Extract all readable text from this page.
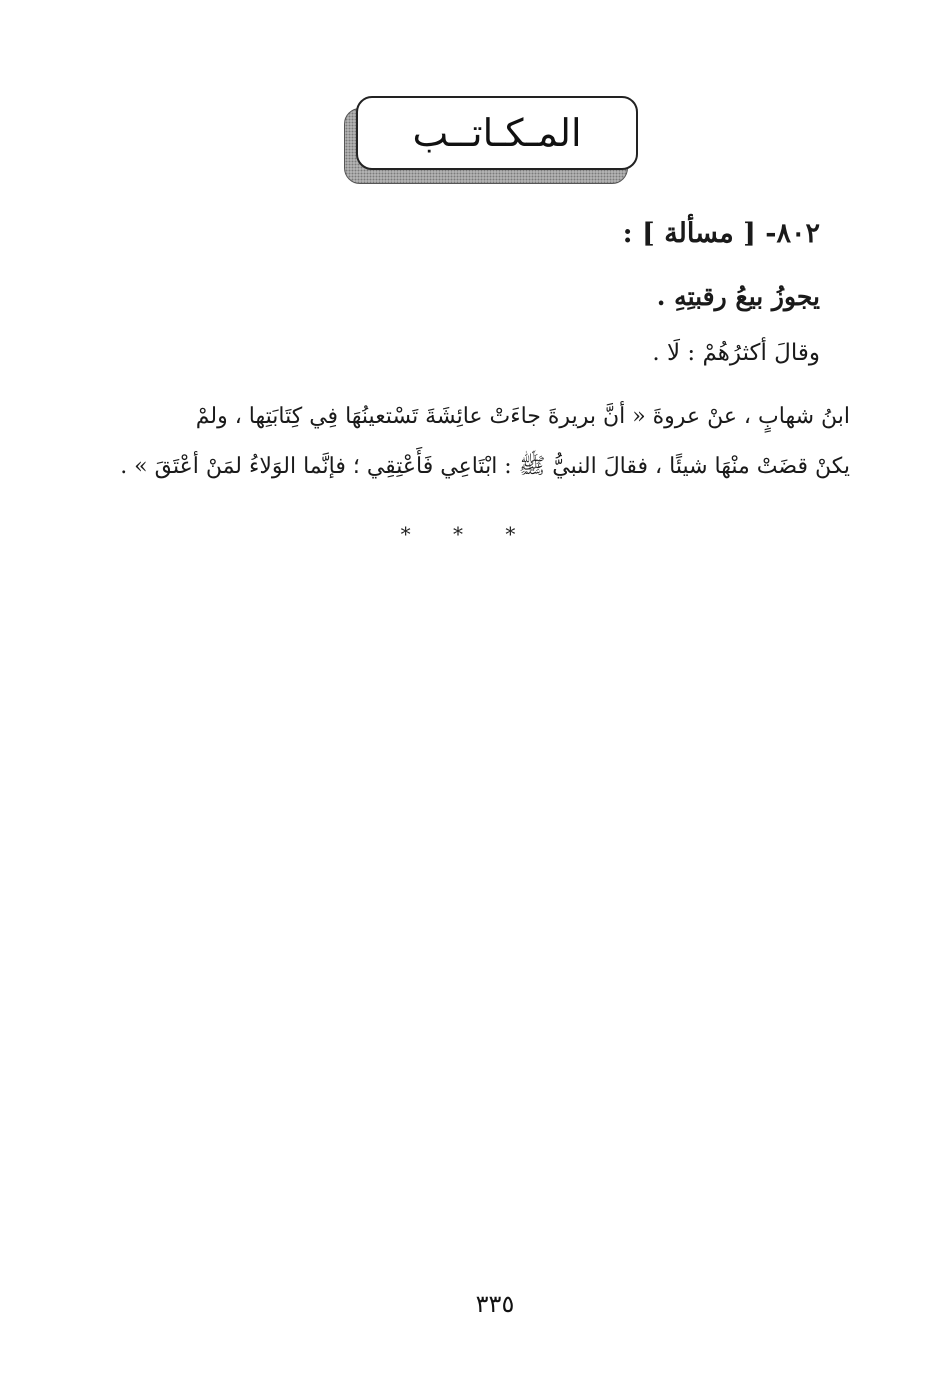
المـكـاتــب
٨٠٢- [ مسألة ] :
يجوزُ بيعُ رقبتِهِ .
وقالَ أكثرُهُمْ : لَا .
ابنُ شهابٍ ، عنْ عروةَ « أنَّ بريرةَ جاءَتْ عائِشَةَ تَسْتعينُهَا فِي كِتَابَتِها ، ولمْ
يكنْ قضَتْ منْهَا شيئًا ، فقالَ النبيُّ ﷺ : ابْتَاعِي فَأَعْتِقِي ؛ فإنَّما الوَلاءُ لمَنْ أعْتَقَ » .
* * *
٣٣٥
